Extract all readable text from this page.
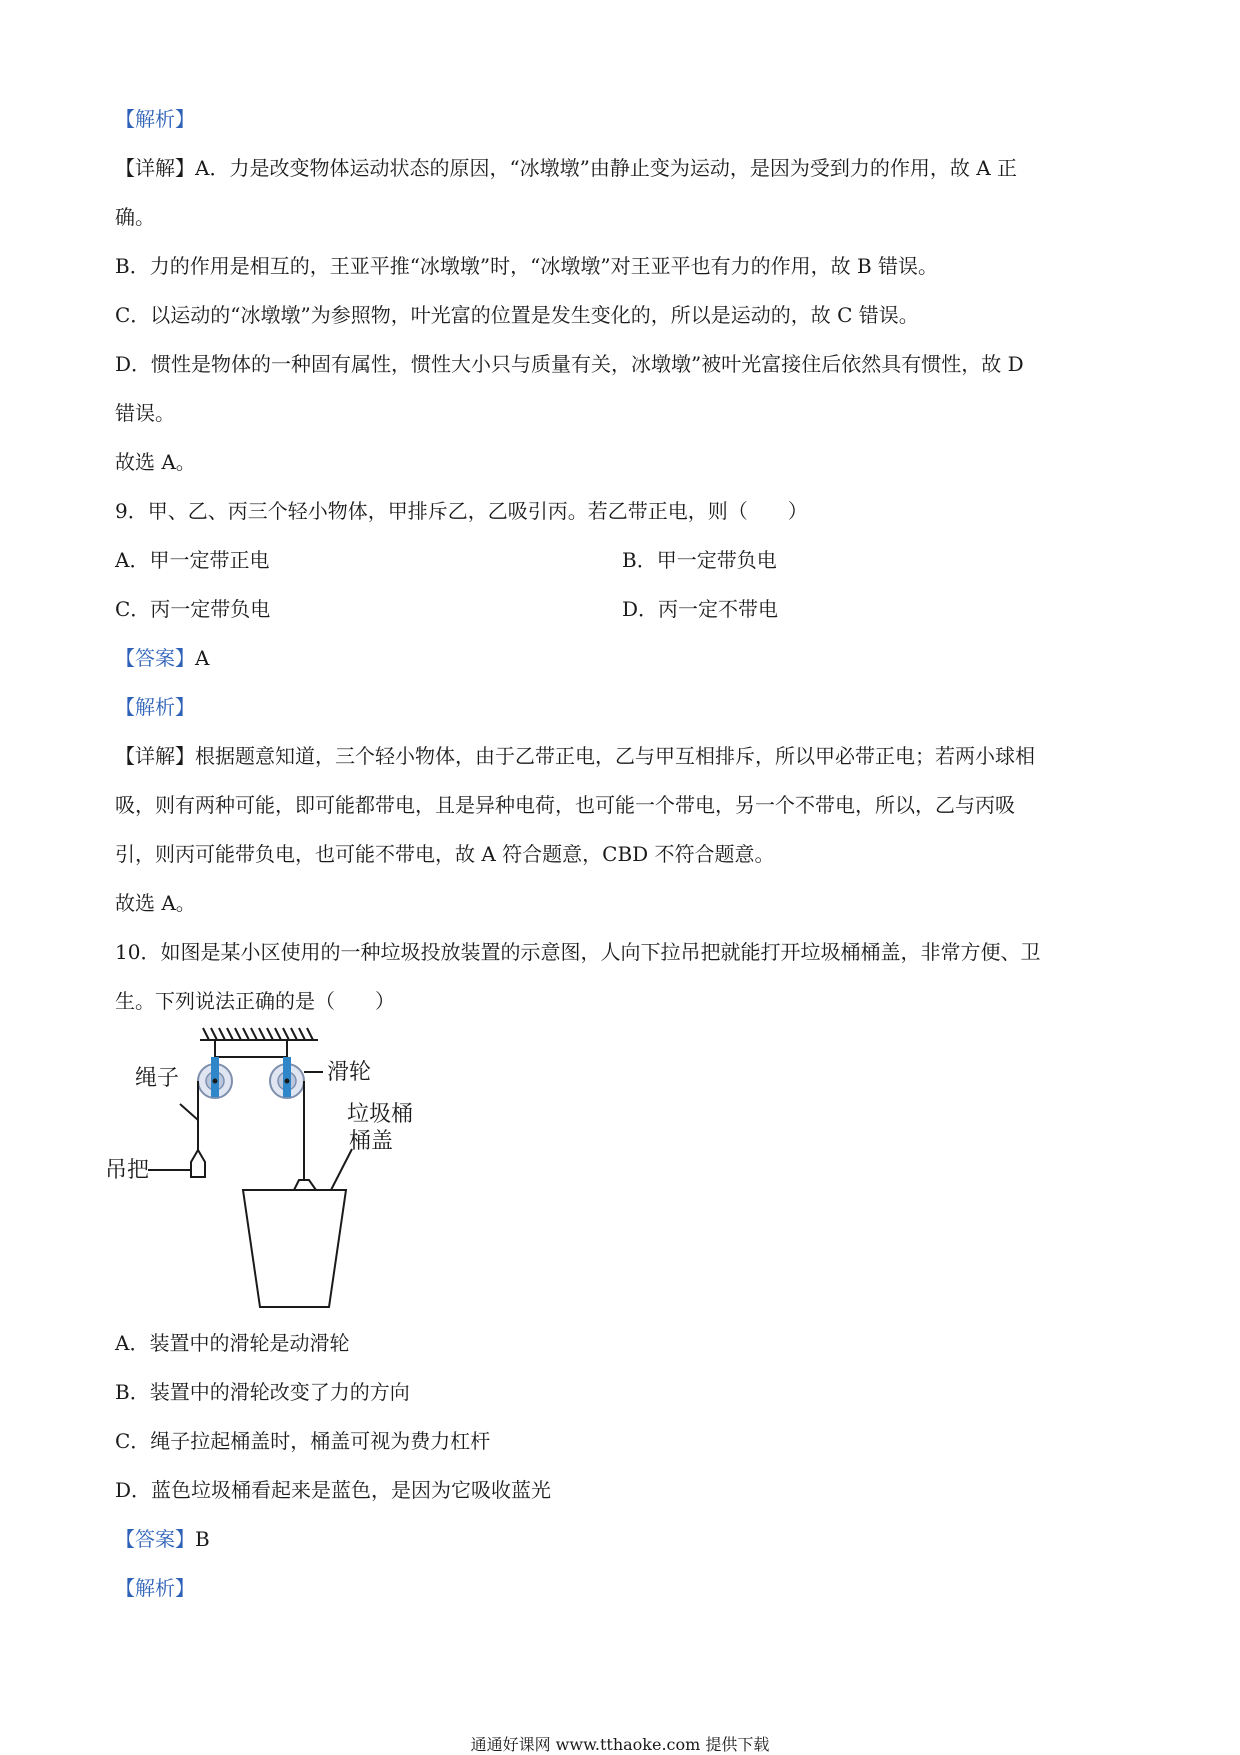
【解析】
【详解】A．力是改变物体运动状态的原因，“冰墩墩”由静止变为运动，是因为受到力的作用，故 A 正
确。
B．力的作用是相互的，王亚平推“冰墩墩”时，“冰墩墩”对王亚平也有力的作用，故 B 错误。
C．以运动的“冰墩墩”为参照物，叶光富的位置是发生变化的，所以是运动的，故 C 错误。
D．惯性是物体的一种固有属性，惯性大小只与质量有关，冰墩墩”被叶光富接住后依然具有惯性，故 D
错误。
故选 A。
9．甲、乙、丙三个轻小物体，甲排斥乙，乙吸引丙。若乙带正电，则（　　）
A．甲一定带正电	B．甲一定带负电
C．丙一定带负电	D．丙一定不带电
【答案】A
【解析】
【详解】根据题意知道，三个轻小物体，由于乙带正电，乙与甲互相排斥，所以甲必带正电；若两小球相
吸，则有两种可能，即可能都带电，且是异种电荷，也可能一个带电，另一个不带电，所以，乙与丙吸
引，则丙可能带负电，也可能不带电，故 A 符合题意，CBD 不符合题意。
故选 A。
10．如图是某小区使用的一种垃圾投放装置的示意图，人向下拉吊把就能打开垃圾桶桶盖，非常方便、卫
生。下列说法正确的是（　　）
绳子	滑轮
垃圾桶
桶盖
吊把
A．装置中的滑轮是动滑轮
B．装置中的滑轮改变了力的方向
C．绳子拉起桶盖时，桶盖可视为费力杠杆
D．蓝色垃圾桶看起来是蓝色，是因为它吸收蓝光
【答案】B
【解析】
通通好课网 www.tthaoke.com 提供下载
